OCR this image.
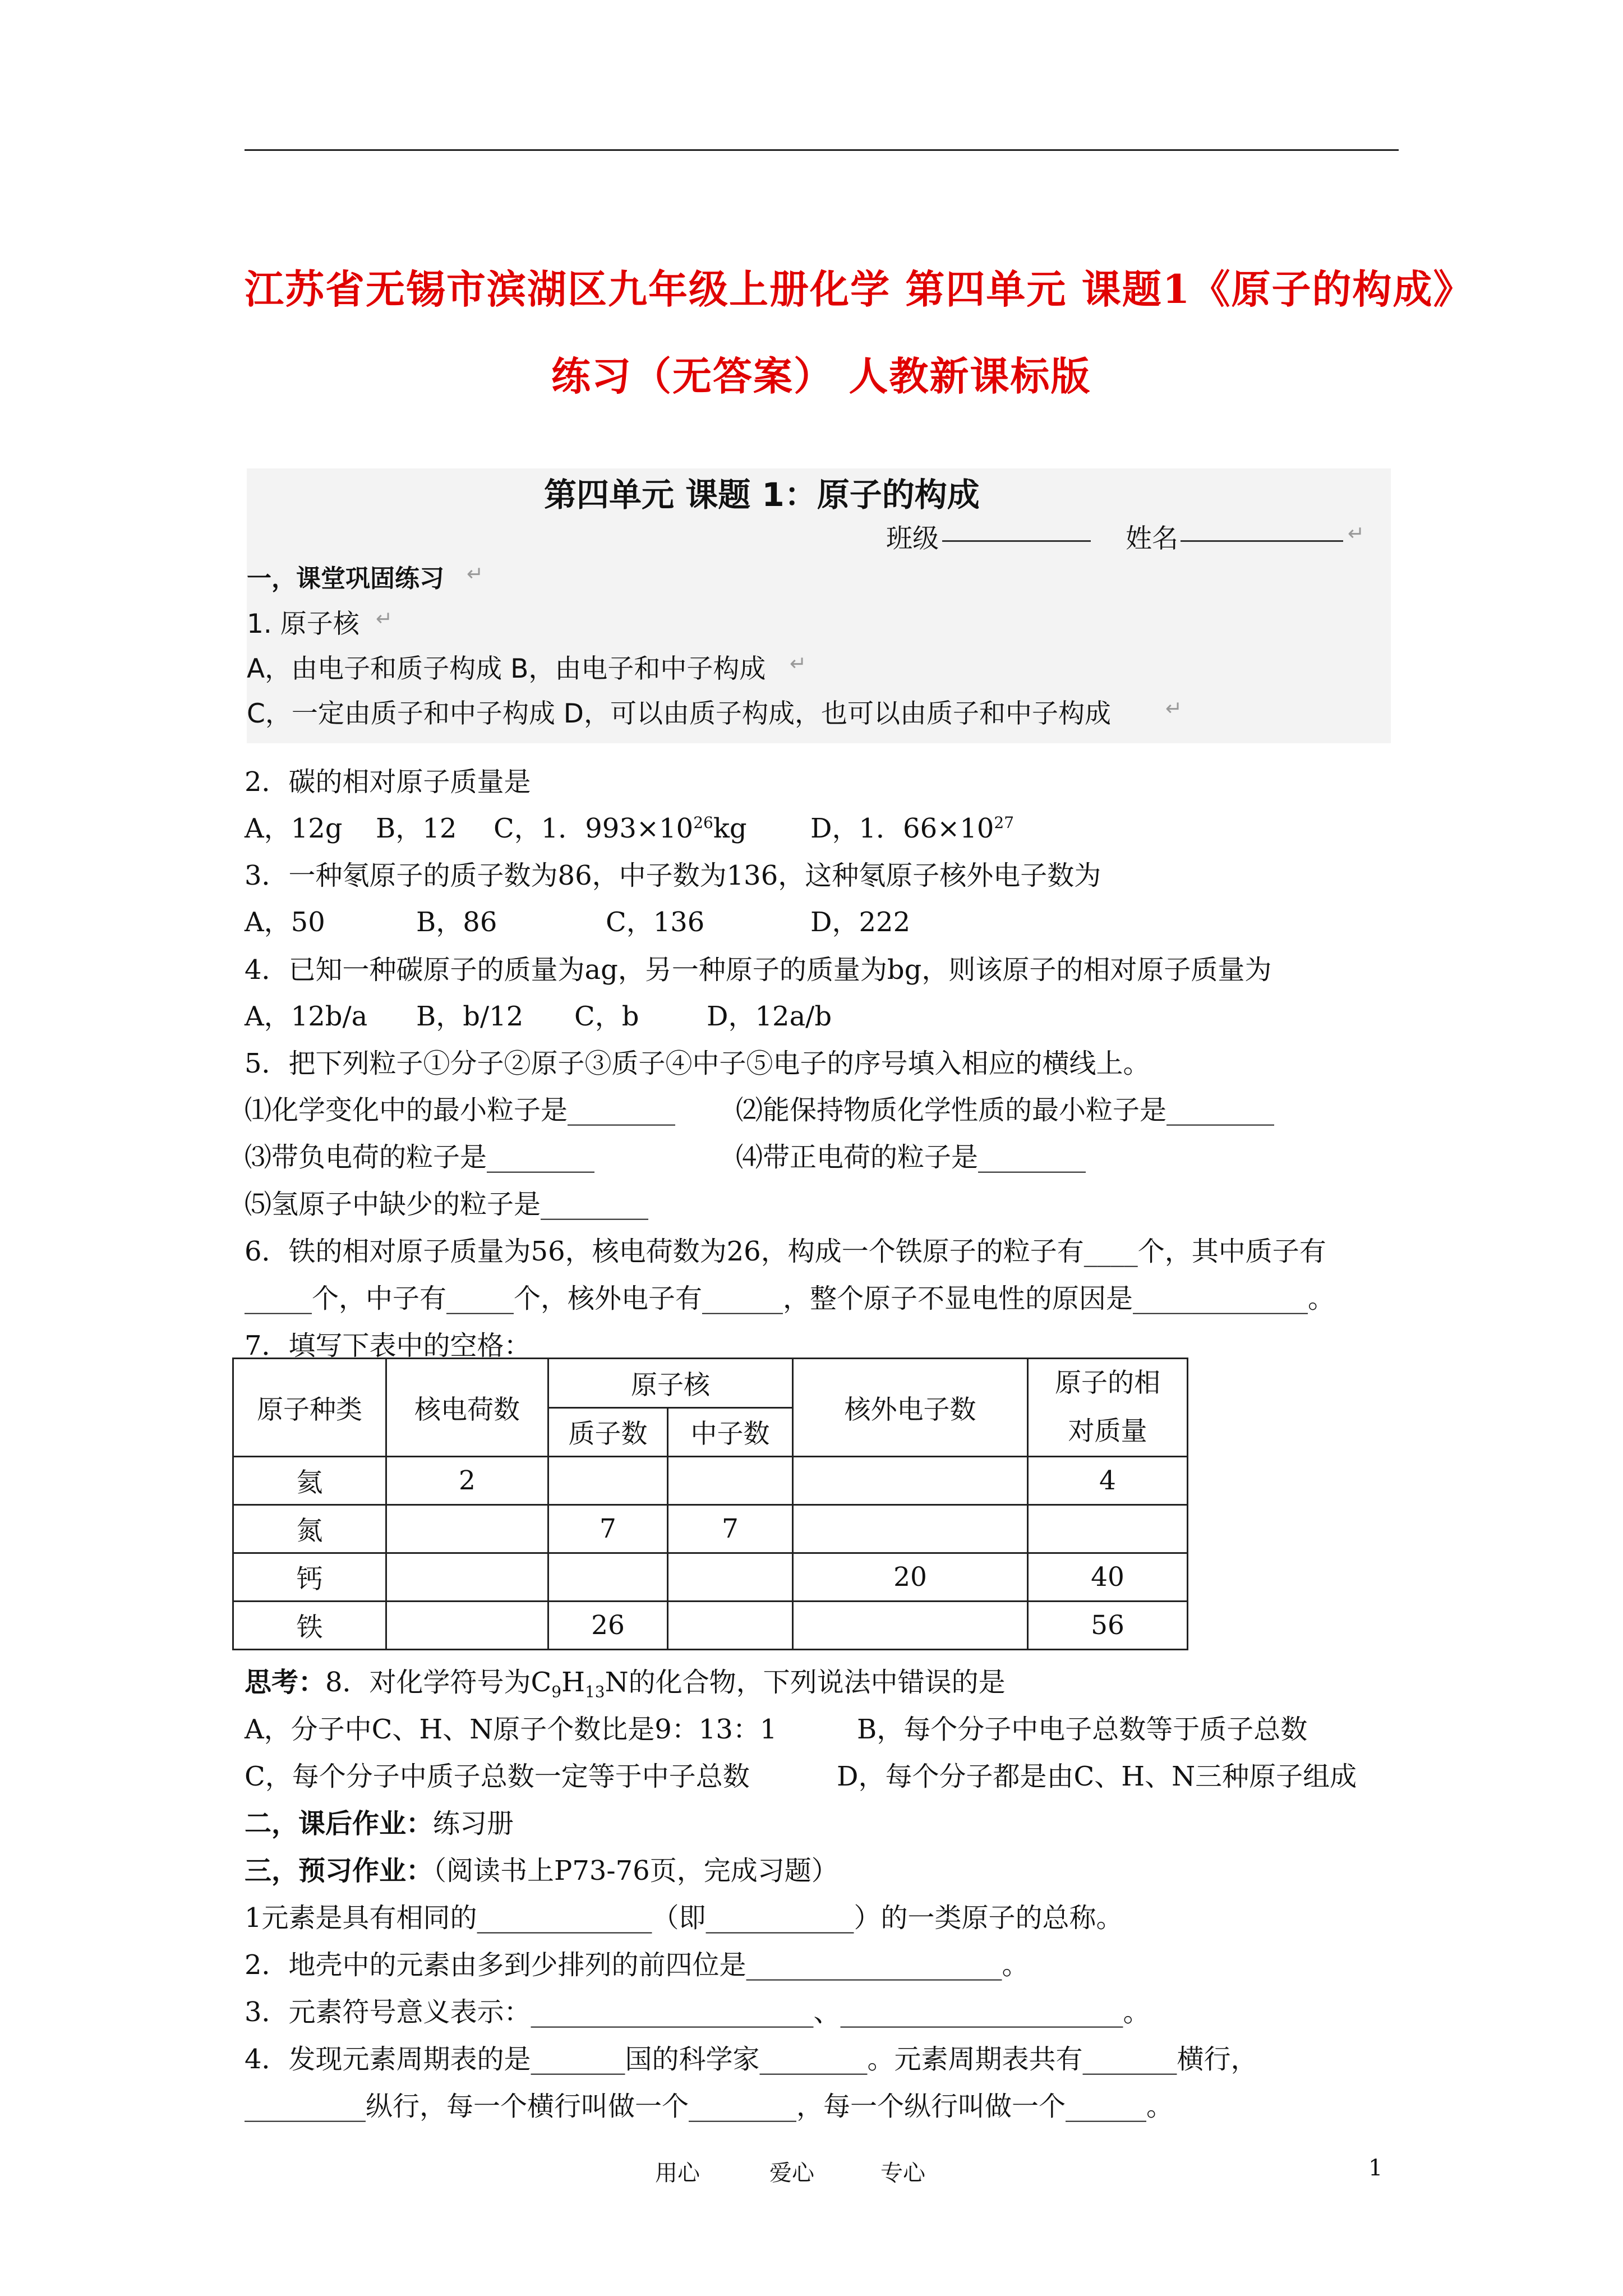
江苏省无锡市滨湖区九年级上册化学 第四单元 课题1《原子的构成》
练习（无答案） 人教新课标版
第四单元 课题 1：原子的构成
班级	姓名	↵
一，课堂巩固练习 ↵
1. 原子核 ↵
A，由电子和质子构成 B，由电子和中子构成 ↵
C，一定由质子和中子构成 D，可以由质子构成，也可以由质子和中子构成	↵
2．碳的相对原子质量是
A，12g B，12 C，1．$993\times 10^{26}kg$ D，1．$66\times 10^{27}$
3．一种氡原子的质子数为86，中子数为136，这种氡原子核外电子数为
A，50	B，86	C，136	D，222
4．已知一种碳原子的质量为ag，另一种原子的质量为bg，则该原子的相对原子质量为
A，12b/a B，b/12 C，b	D，12a/b
5．把下列粒子①分子②原子③质子④中子⑤电子的序号填入相应的横线上。
⑴化学变化中的最小粒子是________ ⑵能保持物质化学性质的最小粒子是________
⑶带负电荷的粒子是________	⑷带正电荷的粒子是________
⑸氢原子中缺少的粒子是________
6．铁的相对原子质量为56，核电荷数为26，构成一个铁原子的粒子有____个，其中质子有
_____个，中子有_____个，核外电子有______，整个原子不显电性的原因是_____________。
7．填写下表中的空格：
原子种类	核电荷数	原子核		核外电子数	原子的相
对质量
		质子数	中子数		
氦	2				4
氮		7	7		
钙				20	40
铁		26			56
思考：8．对化学符号为$C_9H_{13}N$的化合物，下列说法中错误的是
A，分子中C、H、N原子个数比是9：13：1	B，每个分子中电子总数等于质子总数
C，每个分子中质子总数一定等于中子总数	D，每个分子都是由C、H、N三种原子组成
二，课后作业：练习册
三，预习作业：（阅读书上P73-76页，完成习题）
1元素是具有相同的_____________（即___________）的一类原子的总称。
2．地壳中的元素由多到少排列的前四位是___________________。
3．元素符号意义表示：_____________________、_____________________。
4．发现元素周期表的是_______国的科学家________。元素周期表共有_______横行，
_________纵行，每一个横行叫做一个________，每一个纵行叫做一个______。
用心	爱心	专心	1
